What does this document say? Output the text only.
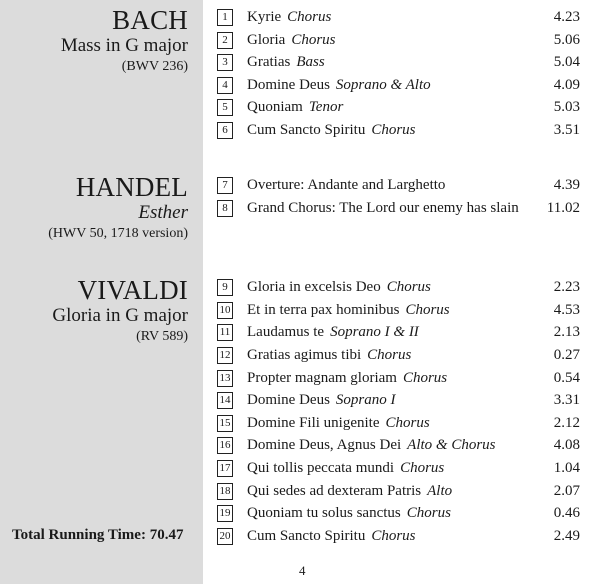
BACH
Mass in G major
(BWV 236)
HANDEL
Esther
(HWV 50, 1718 version)
VIVALDI
Gloria in G major
(RV 589)
Total Running Time: 70.47
1	Kyrie Chorus	4.23
2	Gloria Chorus	5.06
3	Gratias Bass	5.04
4	Domine Deus Soprano & Alto	4.09
5	Quoniam Tenor	5.03
6	Cum Sancto Spiritu Chorus	3.51
7	Overture: Andante and Larghetto	4.39
8	Grand Chorus: The Lord our enemy has slain 11.02
9	Gloria in excelsis Deo Chorus	2.23
10 Et in terra pax hominibus Chorus	4.53
11 Laudamus te Soprano I & II	2.13
12 Gratias agimus tibi Chorus	0.27
13 Propter magnam gloriam Chorus	0.54
14 Domine Deus Soprano I	3.31
15 Domine Fili unigenite Chorus	2.12
16 Domine Deus, Agnus Dei Alto & Chorus	4.08
17 Qui tollis peccata mundi Chorus	1.04
18 Qui sedes ad dexteram Patris Alto	2.07
19 Quoniam tu solus sanctus Chorus	0.46
20 Cum Sancto Spiritu Chorus	2.49
4
